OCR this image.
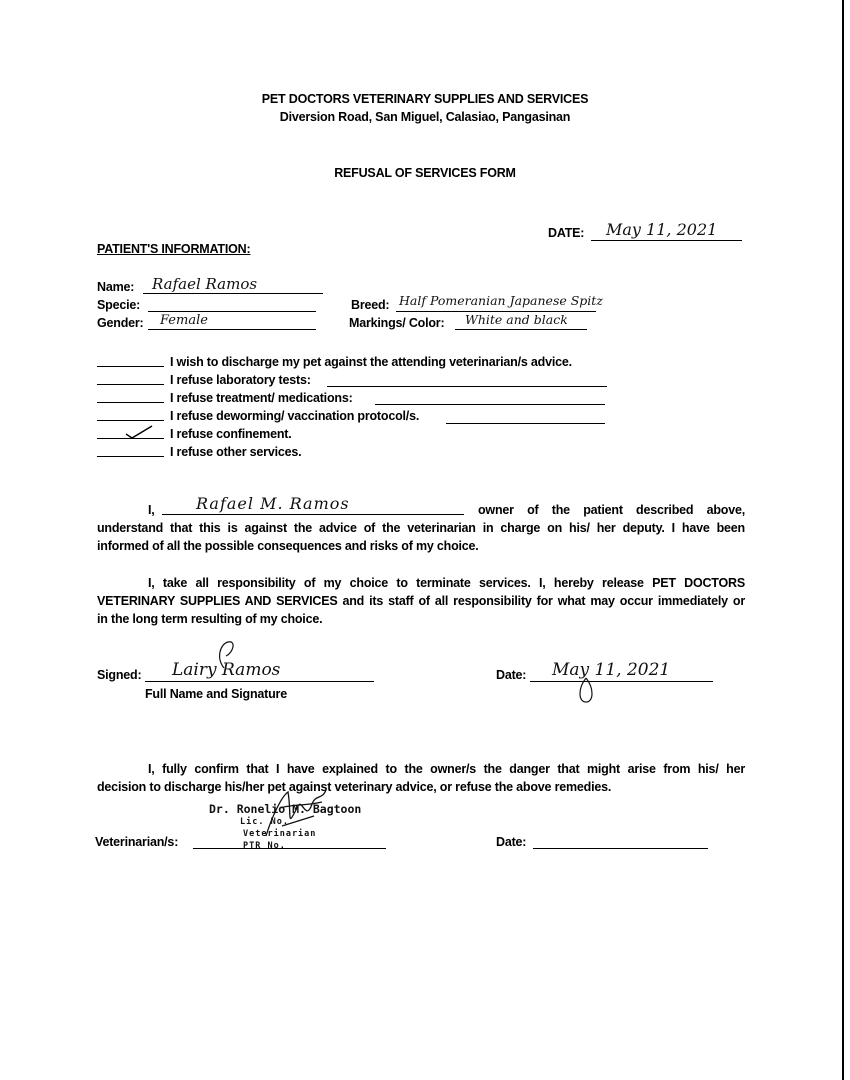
PET DOCTORS VETERINARY SUPPLIES AND SERVICES
Diversion Road, San Miguel, Calasiao, Pangasinan
REFUSAL OF SERVICES FORM
DATE: May 11, 2021
PATIENT'S INFORMATION:
Name: Rafael Ramos
Specie:
Gender: Female
Breed: Half Pomeranian Japanese Spitz
Markings/ Color: White and black
I wish to discharge my pet against the attending veterinarian/s advice.
I refuse laboratory tests:
I refuse treatment/ medications:
I refuse deworming/ vaccination protocol/s.
I refuse confinement.
I refuse other services.
I,	Rafael M. Ramos	owner of the patient described above,
understand that this is against the advice of the veterinarian in charge on his/ her deputy. I have been
informed of all the possible consequences and risks of my choice.
I, take all responsibility of my choice to terminate services. I, hereby release PET DOCTORS
VETERINARY SUPPLIES AND SERVICES and its staff of all responsibility for what may occur immediately or
in the long term resulting of my choice.
Signed: Lairy Ramos
Full Name and Signature
Date: May 11, 2021
I, fully confirm that I have explained to the owner/s the danger that might arise from his/ her
decision to discharge his/her pet against veterinary advice, or refuse the above remedies.
Dr. Ronelio M. Bagtoon
Lic. No.
Veterinarian
PTR No.
Veterinarian/s:	Date:
